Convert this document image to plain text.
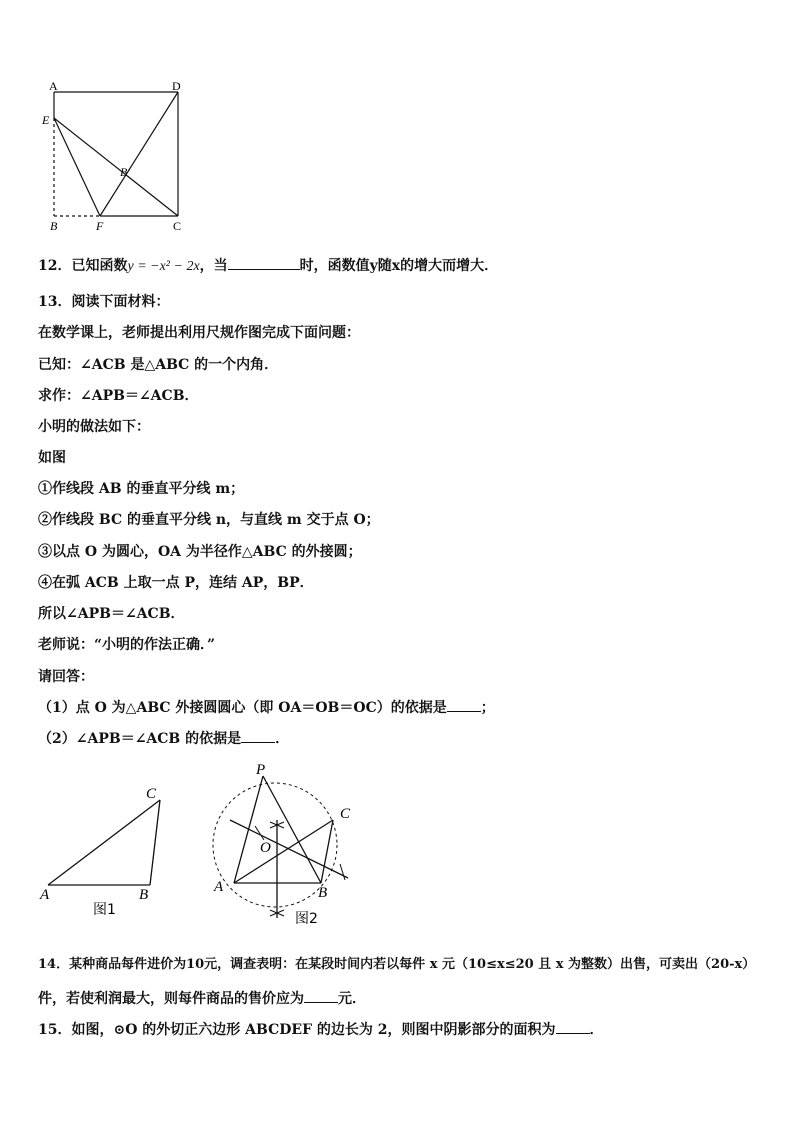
A	D
E
B′
B	F	C
12．已知函数y = −x² − 2x，当	时，函数值y随x的增大而增大．
13．阅读下面材料：
在数学课上，老师提出利用尺规作图完成下面问题：
已知：∠ACB 是△ABC 的一个内角．
求作：∠APB＝∠ACB．
小明的做法如下：
如图
①作线段 AB 的垂直平分线 m；
②作线段 BC 的垂直平分线 n，与直线 m 交于点 O；
③以点 O 为圆心，OA 为半径作△ABC 的外接圆；
④在弧 ACB 上取一点 P，连结 AP，BP．
所以∠APB＝∠ACB．
老师说：“小明的作法正确．”
请回答：
（1）点 O 为△ABC 外接圆圆心（即 OA＝OB＝OC）的依据是 ；
（2）∠APB＝∠ACB 的依据是 ．
C
A	B
图1
P
O
C
A	B
图2
14．某种商品每件进价为10元，调查表明：在某段时间内若以每件 x 元（10≤x≤20 且 x 为整数）出售，可卖出（20-x）
件，若使利润最大，则每件商品的售价应为 元．
15．如图，⊙O 的外切正六边形 ABCDEF 的边长为 2，则图中阴影部分的面积为 ．
